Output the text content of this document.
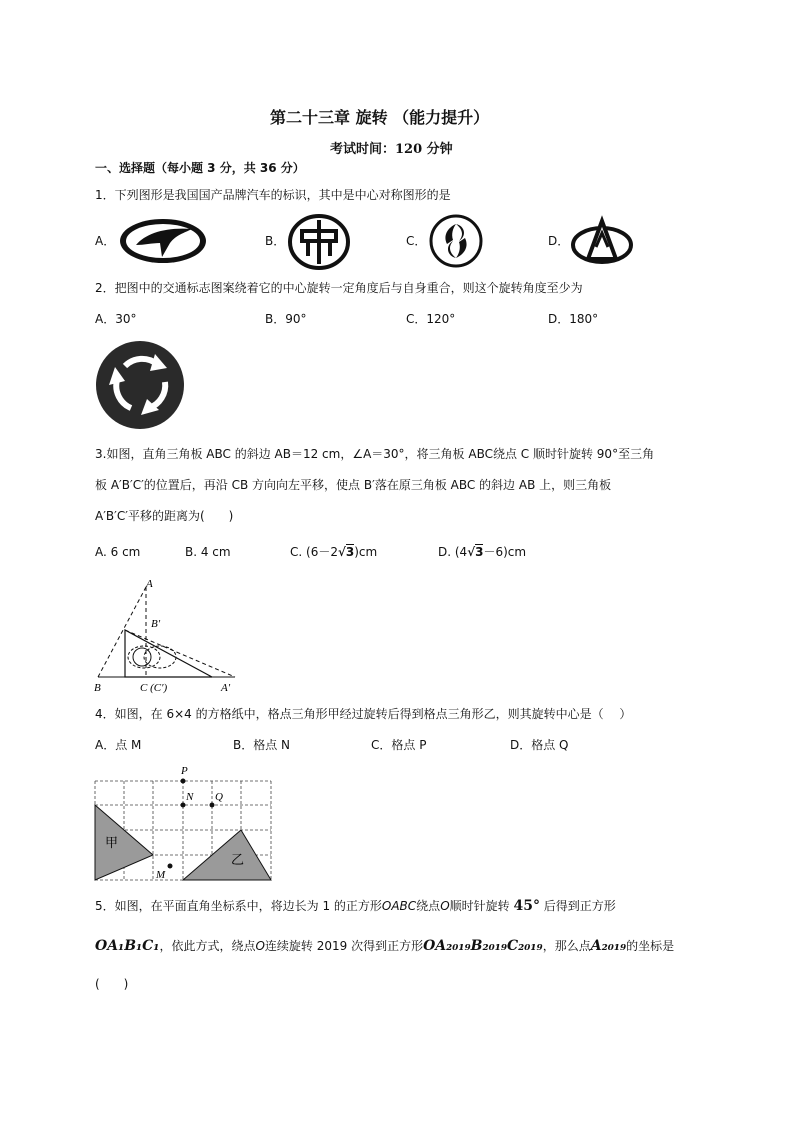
第二十三章 旋转 （能力提升）
考试时间：120 分钟
一、选择题（每小题 3 分，共 36 分）
1．下列图形是我国国产品牌汽车的标识，其中是中心对称图形的是
A．	B．	C．	D．
2．把图中的交通标志图案绕着它的中心旋转一定角度后与自身重合，则这个旋转角度至少为
A．30°	B．90°	C．120°	D．180°
3.如图，直角三角板 ABC 的斜边 AB＝12 cm，∠A＝30°，将三角板 ABC绕点 C 顺时针旋转 90°至三角
板 A′B′C′的位置后，再沿 CB 方向向左平移，使点 B′落在原三角板 ABC 的斜边 AB 上，则三角板
A′B′C′平移的距离为(　　)
A. 6 cm	B. 4 cm	C. (6－2√3)cm	D. (4√3－6)cm
A
B′
B	C (C′)	A′
4．如图，在 6×4 的方格纸中，格点三角形甲经过旋转后得到格点三角形乙，则其旋转中心是（　 ）
A．点 M	B．格点 N	C．格点 P	D．格点 Q
P
N Q
M
甲
乙
5．如图，在平面直角坐标系中，将边长为 1 的正方形OABC绕点O顺时针旋转 45° 后得到正方形
OA₁B₁C₁，依此方式，绕点O连续旋转 2019 次得到正方形OA₂₀₁₉B₂₀₁₉C₂₀₁₉，那么点A₂₀₁₉的坐标是
(　　)
